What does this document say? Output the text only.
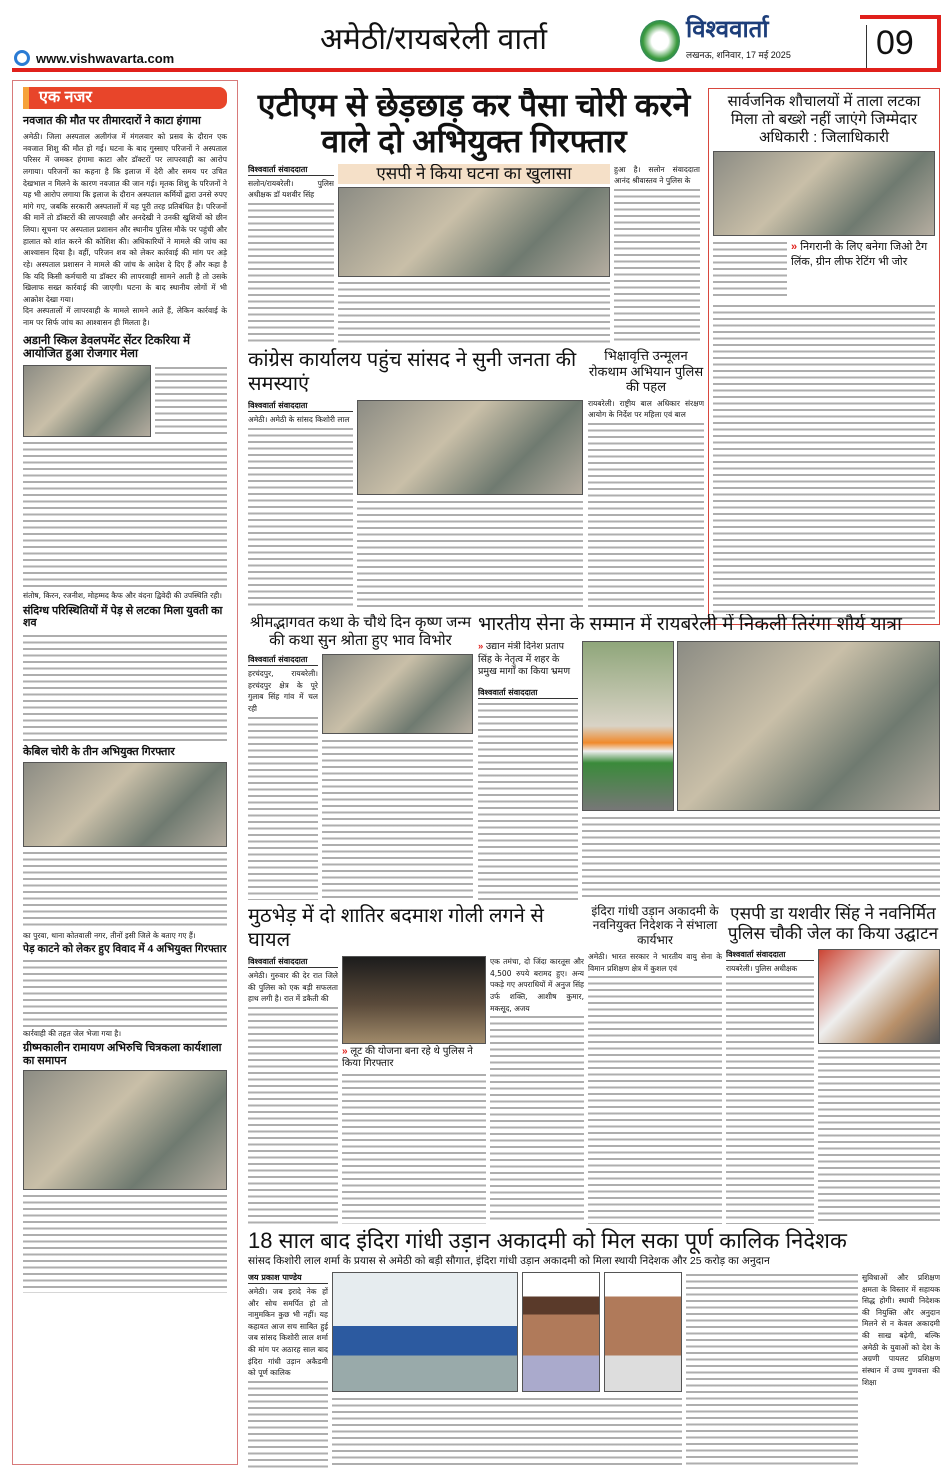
www.vishwavarta.com
अमेठी/रायबरेली वार्ता	विश्ववार्ता
लखनऊ, शनिवार, 17 मई 2025	09
एक नजर
नवजात की मौत पर तीमारदारों ने काटा हंगामा
अमेठी। जिला अस्पताल अलीगंज में मंगलवार को प्रसव के दौरान एक नवजात शिशु की मौत हो गई। घटना के बाद गुस्साए परिजनों ने अस्पताल परिसर में जमकर हंगामा काटा और डॉक्टरों पर लापरवाही का आरोप लगाया। परिजनों का कहना है कि इलाज में देरी और समय पर उचित देखभाल न मिलने के कारण नवजात की जान गई। मृतक शिशु के परिजनों ने यह भी आरोप लगाया कि इलाज के दौरान अस्पताल कर्मियों द्वारा उनसे रुपए मांगे गए, जबकि सरकारी अस्पतालों में यह पूरी तरह प्रतिबंधित है। परिजनों की मानें तो डॉक्टरों की लापरवाही और अनदेखी ने उनकी खुशियों को छीन लिया। सूचना पर अस्पताल प्रशासन और स्थानीय पुलिस मौके पर पहुंची और हालात को शांत करने की कोशिश की। अधिकारियों ने मामले की जांच का आश्वासन दिया है। वहीं, परिजन शव को लेकर कार्रवाई की मांग पर अड़े रहे। अस्पताल प्रशासन ने मामले की जांच के आदेश दे दिए हैं और कहा है कि यदि किसी कर्मचारी या डॉक्टर की लापरवाही सामने आती है तो उसके खिलाफ सख्त कार्रवाई की जाएगी। घटना के बाद स्थानीय लोगों में भी आक्रोश देखा गया।
दिन अस्पतालों में लापरवाही के मामले सामने आते हैं, लेकिन कार्रवाई के नाम पर सिर्फ जांच का आश्वासन ही मिलता है।
अडानी स्किल डेवलपमेंट सेंटर टिकरिया में आयोजित हुआ रोजगार मेला
संतोष, किरन, रजनीश, मोहम्मद कैफ और वंदना द्विवेदी की उपस्थिति रही।
संदिग्ध परिस्थितियों में पेड़ से लटका मिला युवती का शव
केबिल चोरी के तीन अभियुक्त गिरफ्तार
का पुरवा, थाना कोतवाली नगर, तीनों इसी जिले के बताए गए हैं।
पेड़ काटने को लेकर हुए विवाद में 4 अभियुक्त गिरफ्तार
कार्रवाही की तहत जेल भेजा गया है।
ग्रीष्मकालीन रामायण अभिरुचि चित्रकला कार्यशाला का समापन
एटीएम से छेड़छाड़ कर पैसा चोरी करने वाले दो अभियुक्त गिरफ्तार
विश्ववार्ता संवाददाता
सलोन/रायबरेली। पुलिस अधीक्षक डॉ यशवीर सिंह
एसपी ने किया घटना का खुलासा	हुआ है। सलोन संवाददाता आनंद श्रीवास्तव ने पुलिस के
सार्वजनिक शौचालयों में ताला लटका मिला तो बख्शे नहीं जाएंगे जिम्मेदार अधिकारी : जिलाधिकारी
» निगरानी के लिए बनेगा जिओ टैग लिंक, ग्रीन लीफ रेटिंग भी जोर
कांग्रेस कार्यालय पहुंच सांसद ने सुनी जनता की समस्याएं
विश्ववार्ता संवाददाता
अमेठी। अमेठी के सांसद किशोरी लाल
भिक्षावृत्ति उन्मूलन रोकथाम अभियान पुलिस की पहल
रायबरेली। राष्ट्रीय बाल अधिकार संरक्षण आयोग के निर्देश पर महिला एवं बाल
श्रीमद्भागवत कथा के चौथे दिन कृष्ण जन्म की कथा सुन श्रोता हुए भाव विभोर
विश्ववार्ता संवाददाता
हरचंदपुर, रायबरेली। हरचंदपुर क्षेत्र के पूरे गुलाब सिंह गांव में चल रही
भारतीय सेना के सम्मान में रायबरेली में निकली तिरंगा शौर्य यात्रा
» उद्यान मंत्री दिनेश प्रताप सिंह के नेतृत्व में शहर के प्रमुख मार्गों का किया भ्रमण
विश्ववार्ता संवाददाता
मुठभेड़ में दो शातिर बदमाश गोली लगने से घायल
विश्ववार्ता संवाददाता
अमेठी। गुरुवार की देर रात जिले की पुलिस को एक बड़ी सफलता हाथ लगी है। रात में डकैती की
» लूट की योजना बना रहे थे पुलिस ने किया गिरफ्तार
एक तमंचा, दो जिंदा कारतूस और 4,500 रुपये बरामद हुए। अन्य पकड़े गए अपराधियों में अनुज सिंह उर्फ शक्ति, आशीष कुमार, मकसूद, अजय
इंदिरा गांधी उड़ान अकादमी के नवनियुक्त निदेशक ने संभाला कार्यभार
अमेठी। भारत सरकार ने भारतीय वायु सेना के विमान प्रशिक्षण क्षेत्र में कुशल एवं
एसपी डा यशवीर सिंह ने नवनिर्मित पुलिस चौकी जेल का किया उद्घाटन
विश्ववार्ता संवाददाता
रायबरेली। पुलिस अधीक्षक
18 साल बाद इंदिरा गांधी उड़ान अकादमी को मिल सका पूर्ण कालिक निदेशक
सांसद किशोरी लाल शर्मा के प्रयास से अमेठी को बड़ी सौगात, इंदिरा गांधी उड़ान अकादमी को मिला स्थायी निदेशक और 25 करोड़ का अनुदान
जय प्रकाश पाण्डेय
अमेठी। जब इरादे नेक हों और सोच समर्पित हो तो नामुमकिन कुछ भी नहीं। यह कहावत आज सच साबित हुई जब सांसद किशोरी लाल शर्मा की मांग पर अठारह साल बाद इंदिरा गांधी उड़ान अकैडमी को पूर्ण कालिक
सुविधाओं और प्रशिक्षण क्षमता के विस्तार में सहायक सिद्ध होगी। स्थायी निदेशक की नियुक्ति और अनुदान मिलने से न केवल अकादमी की साख बढ़ेगी, बल्कि अमेठी के युवाओं को देश के अग्रणी पायलट प्रशिक्षण संस्थान में उच्च गुणवत्ता की शिक्षा
